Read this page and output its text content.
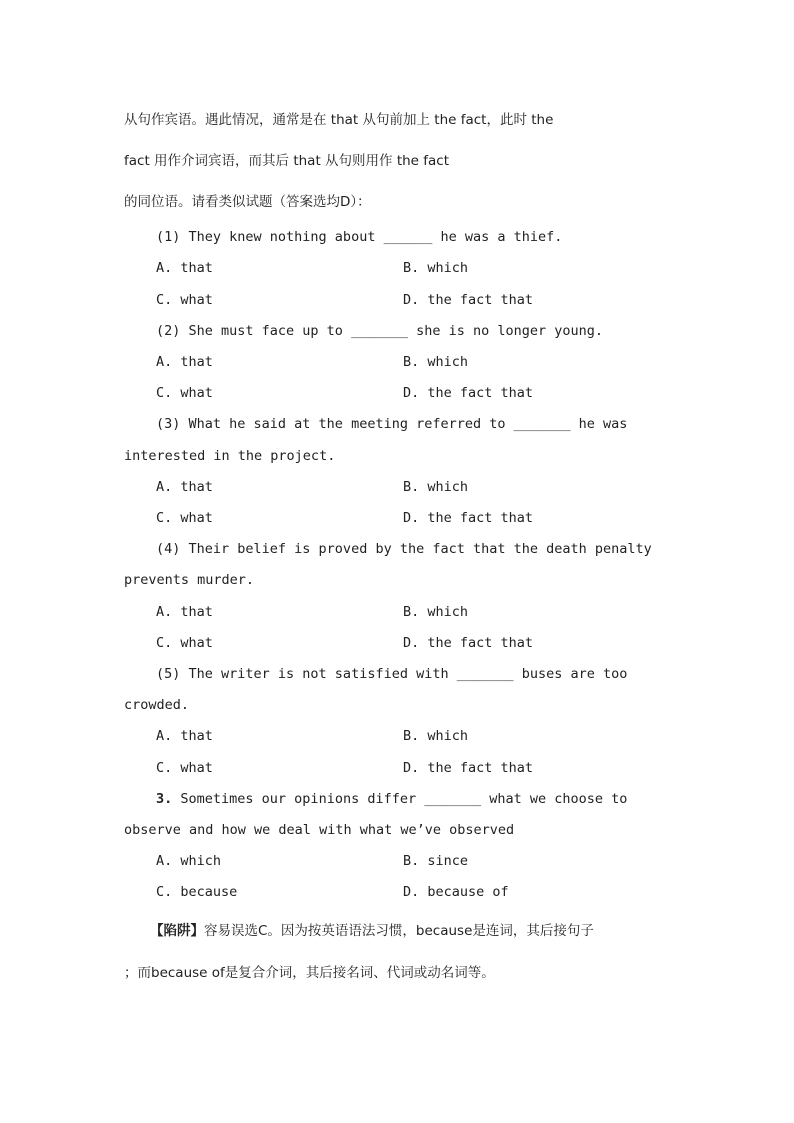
从句作宾语。遇此情况，通常是在 that 从句前加上 the fact，此时 the
fact 用作介词宾语，而其后 that 从句则用作 the fact
的同位语。请看类似试题（答案选均D）：
(1) They knew nothing about ______ he was a thief.
A. that	B. which
C. what	D. the fact that
(2) She must face up to _______ she is no longer young.
A. that	B. which
C. what	D. the fact that
(3) What he said at the meeting referred to _______ he was
interested in the project.
A. that	B. which
C. what	D. the fact that
(4) Their belief is proved by the fact that the death penalty
prevents murder.
A. that	B. which
C. what	D. the fact that
(5) The writer is not satisfied with _______ buses are too
crowded.
A. that	B. which
C. what	D. the fact that
3. Sometimes our opinions differ _______ what we choose to
observe and how we deal with what we’ve observed
A. which	B. since
C. because	D. because of
【陷阱】容易误选C。因为按英语语法习惯，because是连词，其后接句子
；而because of是复合介词，其后接名词、代词或动名词等。
